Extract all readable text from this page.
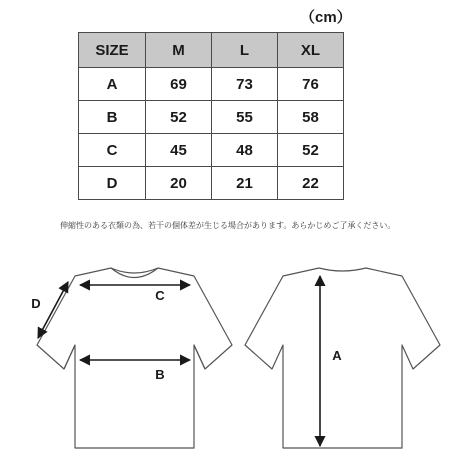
（cm）
SIZE	M	L	XL
A	69	73	76
B	52	55	58
C	45	48	52
D	20	21	22
伸縮性のある衣類の為、若干の個体差が生じる場合があります。あらかじめご了承ください。
C
B
D
A
